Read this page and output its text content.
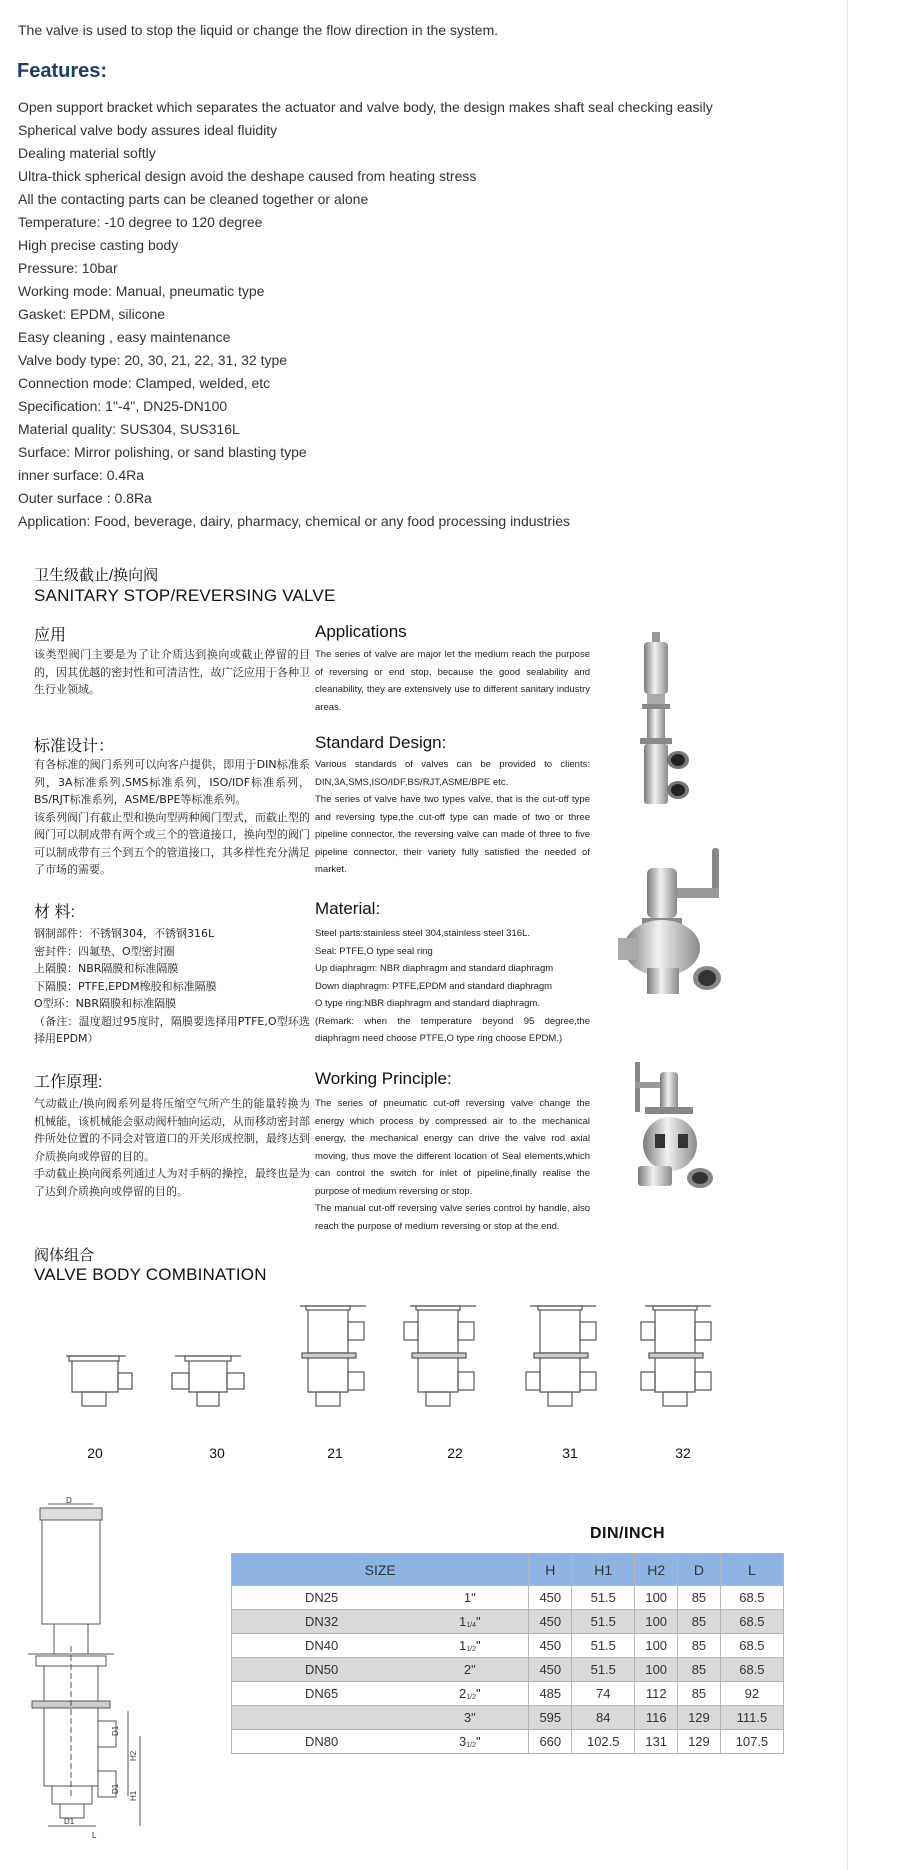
The valve is used to stop the liquid or change the flow direction in the system.

Features:
Open support bracket which separates the actuator and valve body, the design makes shaft seal checking easily
Spherical valve body assures ideal fluidity
Dealing material softly
Ultra-thick spherical design avoid the deshape caused from heating stress
All the contacting parts can be cleaned together or alone
Temperature: -10 degree to 120 degree
High precise casting body
Pressure: 10bar
Working mode: Manual, pneumatic type
Gasket: EPDM, silicone
Easy cleaning , easy maintenance
Valve body type: 20, 30, 21, 22, 31, 32 type
Connection mode: Clamped, welded, etc
Specification: 1"-4", DN25-DN100
Material quality: SUS304, SUS316L
Surface: Mirror polishing, or sand blasting type
inner surface: 0.4Ra
Outer surface : 0.8Ra
Application: Food, beverage, dairy, pharmacy, chemical or any food processing industries
卫生级截止/换向阀
SANITARY STOP/REVERSING VALVE
应用	Applications
该类型阀门主要是为了让介质达到换向或截止停留的目的，因其优越的密封性和可清洁性，故广泛应用于各种卫生行业领域。
The series of valve are major let the medium reach the purpose of reversing or end stop, because the good sealability and cleanability, they are extensively use to different sanitary industry areas.
标准设计：	Standard Design:
有各标准的阀门系列可以向客户提供，即用于DIN标准系列，3A标准系列,SMS标准系列，ISO/IDF标准系列，BS/RJT标准系列，ASME/BPE等标准系列。
该系列阀门有截止型和换向型两种阀门型式，而截止型的阀门可以制成带有两个或三个的管道接口，换向型的阀门可以制成带有三个到五个的管道接口，其多样性充分满足了市场的需要。
Various standards of valves can be provided to clients: DIN,3A,SMS,ISO/IDF,BS/RJT,ASME/BPE etc.
The series of valve have two types valve, that is the cut-off type and reversing type,the cut-off type can made of two or three pipeline connector, the reversing valve can made of three to five pipeline connector, their variety fully satisfied the needed of market.
材 料:	Material:
钢制部件：不锈钢304，不锈钢316L
密封件：四氟垫、O型密封圈
上隔膜：NBR隔膜和标准隔膜
下隔膜：PTFE,EPDM橡胶和标准隔膜
O型环：NBR隔膜和标准隔膜
（备注：温度超过95度时，隔膜要选择用PTFE,O型环选择用EPDM）
Steel parts:stainless steel 304,stainless steel 316L.
Seal: PTFE,O type seal ring
Up diaphragm: NBR diaphragm and standard diaphragm
Down diaphragm: PTFE,EPDM and standard diaphragm
O type ring:NBR diaphragm and standard diaphragm.
(Remark: when the temperature beyond 95 degree,the diaphragm need choose PTFE,O type ring choose EPDM.)
工作原理:	Working Principle:
气动截止/换向阀系列是将压缩空气所产生的能量转换为机械能，该机械能会驱动阀杆轴向运动，从而移动密封部件所处位置的不同会对管道口的开关形成控制，最终达到介质换向或停留的目的。
手动截止换向阀系列通过人为对手柄的操控，最终也是为了达到介质换向或停留的目的。
The series of pneumatic cut-off reversing valve change the energy which process by compressed air to the mechanical energy, the mechanical energy can drive the valve rod axial moving, thus move the different location of Seal elements,which can control the switch for inlet of pipeline,finally realise the purpose of medium reversing or stop.
The manual cut-off reversing valve series control by handle, also reach the purpose of medium reversing or stop at the end.
阀体组合
VALVE BODY COMBINATION
20	30	21	22	31	32
D
D1
H2
D1
H1
D1
L
DIN/INCH
SIZE		H	H1	H2	D	L
DN25	1"	450	51.5	100	85	68.5
DN32	$1_{1/4}$"	450	51.5	100	85	68.5
DN40	$1_{1/2}$"	450	51.5	100	85	68.5
DN50	2"	450	51.5	100	85	68.5
DN65	$2_{1/2}$"	485	74	112	85	92
	3"	595	84	116	129	111.5
DN80	$3_{1/2}$"	660	102.5	131	129	107.5
